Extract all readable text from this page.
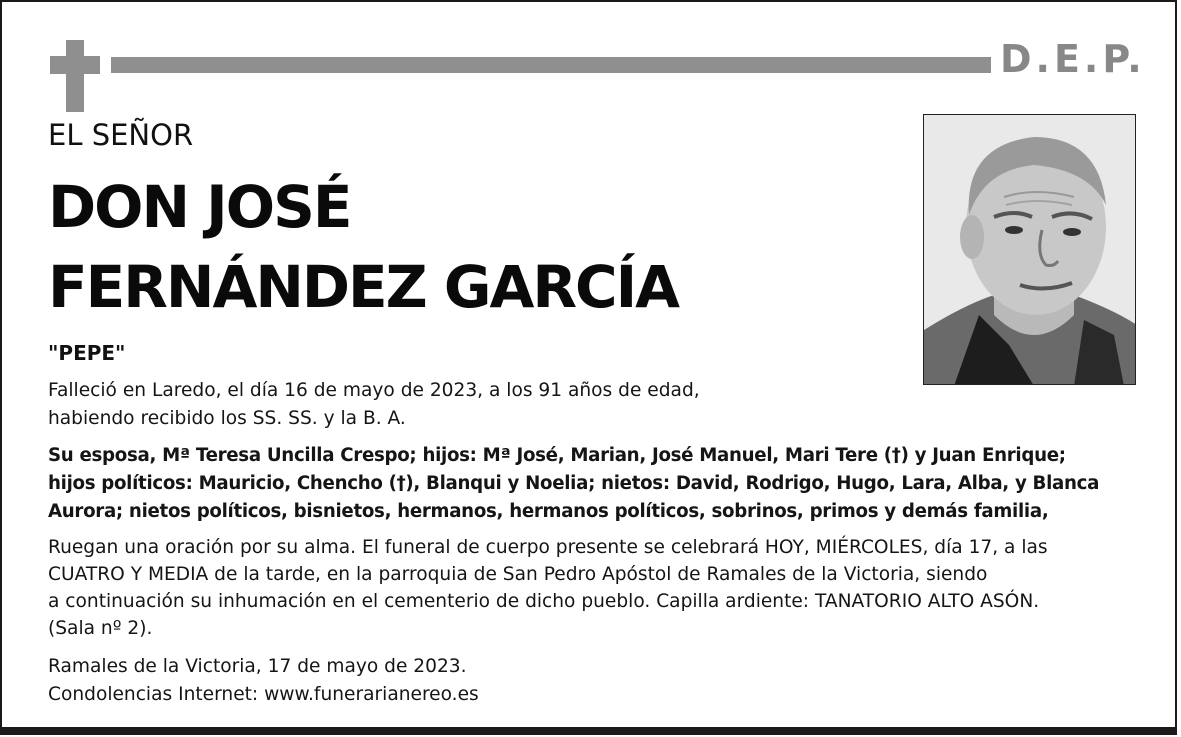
D.E.P.
EL SEÑOR
DON JOSÉ
FERNÁNDEZ GARCÍA
"PEPE"
Falleció en Laredo, el día 16 de mayo de 2023, a los 91 años de edad,
habiendo recibido los SS. SS. y la B. A.
Su esposa, Mª Teresa Uncilla Crespo; hijos: Mª José, Marian, José Manuel, Mari Tere (†) y Juan Enrique;
hijos políticos: Mauricio, Chencho (†), Blanqui y Noelia; nietos: David, Rodrigo, Hugo, Lara, Alba, y Blanca
Aurora; nietos políticos, bisnietos, hermanos, hermanos políticos, sobrinos, primos y demás familia,
Ruegan una oración por su alma. El funeral de cuerpo presente se celebrará HOY, MIÉRCOLES, día 17, a las
CUATRO Y MEDIA de la tarde, en la parroquia de San Pedro Apóstol de Ramales de la Victoria, siendo
a continuación su inhumación en el cementerio de dicho pueblo. Capilla ardiente: TANATORIO ALTO ASÓN.
(Sala nº 2).
Ramales de la Victoria, 17 de mayo de 2023.
Condolencias Internet: www.funerarianereo.es
